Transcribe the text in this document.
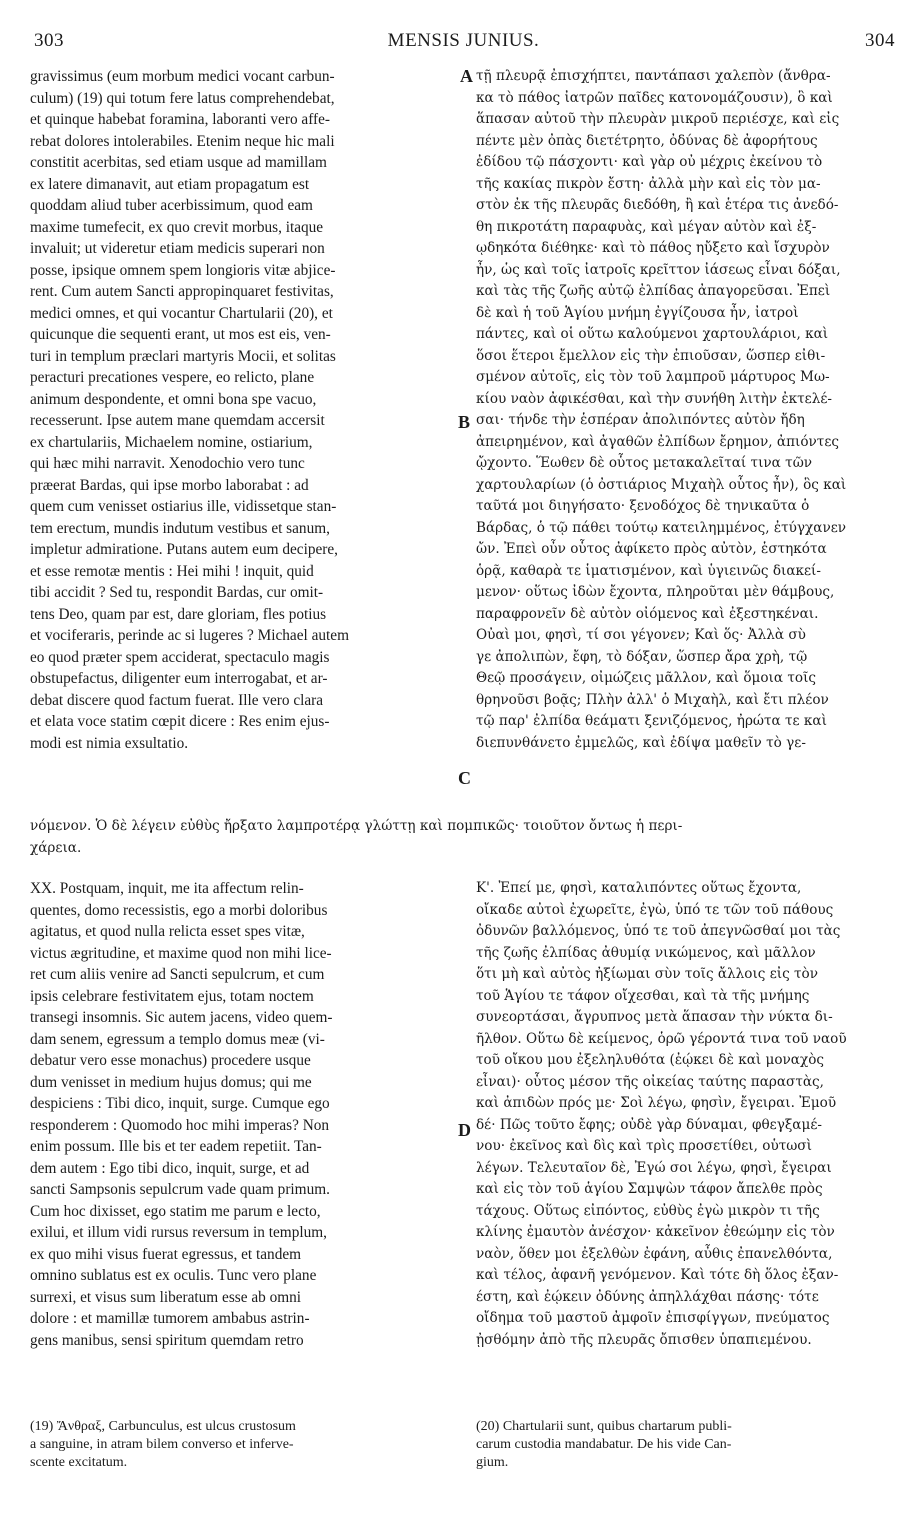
303	MENSIS JUNIUS.	304
gravissimus (eum morbum medici vocant carbun-
culum) (19) qui totum fere latus comprehendebat,
et quinque habebat foramina, laboranti vero affe-
rebat dolores intolerabiles. Etenim neque hic mali
constitit acerbitas, sed etiam usque ad mamillam
ex latere dimanavit, aut etiam propagatum est
quoddam aliud tuber acerbissimum, quod eam
maxime tumefecit, ex quo crevit morbus, itaque
invaluit; ut videretur etiam medicis superari non
posse, ipsique omnem spem longioris vitæ abjice-
rent. Cum autem Sancti appropinquaret festivitas,
medici omnes, et qui vocantur Chartularii (20), et
quicunque die sequenti erant, ut mos est eis, ven-
turi in templum præclari martyris Mocii, et solitas
peracturi precationes vespere, eo relicto, plane
animum despondente, et omni bona spe vacuo,
recesserunt. Ipse autem mane quemdam accersit
ex chartulariis, Michaelem nomine, ostiarium,
qui hæc mihi narravit. Xenodochio vero tunc
præerat Bardas, qui ipse morbo laborabat : ad
quem cum venisset ostiarius ille, vidissetque stan-
tem erectum, mundis indutum vestibus et sanum,
impletur admiratione. Putans autem eum decipere,
et esse remotæ mentis : Hei mihi ! inquit, quid
tibi accidit ? Sed tu, respondit Bardas, cur omit-
tens Deo, quam par est, dare gloriam, fles potius
et vociferaris, perinde ac si lugeres ? Michael autem
eo quod præter spem acciderat, spectaculo magis
obstupefactus, diligenter eum interrogabat, et ar-
debat discere quod factum fuerat. Ille vero clara
et elata voce statim cœpit dicere : Res enim ejus-
modi est nimia exsultatio.
τῇ πλευρᾷ ἐπισχήπτει, παντάπασι χαλεπὸν (ἄνθρα-
κα τὸ πάθος ἰατρῶν παῖδες κατονομάζουσιν), ὃ καὶ
ἅπασαν αὐτοῦ τὴν πλευρὰν μικροῦ περιέσχε, καὶ εἰς
πέντε μὲν ὀπὰς διετέτρητο, ὀδύνας δὲ ἀφορήτους
ἐδίδου τῷ πάσχοντι· καὶ γὰρ οὐ μέχρις ἐκείνου τὸ
τῆς κακίας πικρὸν ἔστη· ἀλλὰ μὴν καὶ εἰς τὸν μα-
στὸν ἐκ τῆς πλευρᾶς διεδόθη, ἢ καὶ ἑτέρα τις ἀνεδό-
θη πικροτάτη παραφυὰς, καὶ μέγαν αὐτὸν καὶ ἐξ-
ῳδηκότα διέθηκε· καὶ τὸ πάθος ηὔξετο καὶ ἴσχυρὸν
ἦν, ὡς καὶ τοῖς ἰατροῖς κρεῖττον ἰάσεως εἶναι δόξαι,
καὶ τὰς τῆς ζωῆς αὐτῷ ἐλπίδας ἀπαγορεῦσαι. Ἐπεὶ
δὲ καὶ ἡ τοῦ Ἁγίου μνήμη ἐγγίζουσα ἦν, ἰατροὶ
πάντες, καὶ οἱ οὕτω καλούμενοι χαρτουλάριοι, καὶ
ὅσοι ἕτεροι ἔμελλον εἰς τὴν ἐπιοῦσαν, ὥσπερ εἰθι-
σμένον αὐτοῖς, εἰς τὸν τοῦ λαμπροῦ μάρτυρος Μω-
κίου ναὸν ἀφικέσθαι, καὶ τὴν συνήθη λιτὴν ἐκτελέ-
σαι· τήνδε τὴν ἑσπέραν ἀπολιπόντες αὐτὸν ἤδη
ἀπειρημένον, καὶ ἀγαθῶν ἐλπίδων ἔρημον, ἀπιόντες
ᾤχοντο. Ἕωθεν δὲ οὗτος μετακαλεῖταί τινα τῶν
χαρτουλαρίων (ὁ ὀστιάριος Μιχαὴλ οὗτος ἦν), ὃς καὶ
ταῦτά μοι διηγήσατο· ξενοδόχος δὲ τηνικαῦτα ὁ
Βάρδας, ὁ τῷ πάθει τούτῳ κατειλημμένος, ἐτύγχανεν
ὤν. Ἐπεὶ οὖν οὗτος ἀφίκετο πρὸς αὐτὸν, ἑστηκότα
ὁρᾷ, καθαρὰ τε ἱματισμένον, καὶ ὑγιεινῶς διακεί-
μενον· οὕτως ἰδὼν ἔχοντα, πληροῦται μὲν θάμβους,
παραφρονεῖν δὲ αὐτὸν οἰόμενος καὶ ἐξεστηκέναι.
Οὐαὶ μοι, φησὶ, τί σοι γέγονεν; Καὶ ὅς· Ἀλλὰ σὺ
γε ἀπολιπὼν, ἔφη, τὸ δόξαν, ὥσπερ ἄρα χρὴ, τῷ
Θεῷ προσάγειν, οἰμώζεις μᾶλλον, καὶ ὅμοια τοῖς
θρηνοῦσι βοᾷς; Πλὴν ἀλλ' ὁ Μιχαὴλ, καὶ ἔτι πλέον
τῷ παρ' ἐλπίδα θεάματι ξενιζόμενος, ἠρώτα τε καὶ
διεπυνθάνετο ἐμμελῶς, καὶ ἐδίψα μαθεῖν τὸ γε-
A
B
C
D
νόμενον. Ὁ δὲ λέγειν εὐθὺς ἤρξατο λαμπροτέρᾳ γλώττῃ καὶ πομπικῶς· τοιοῦτον ὄντως ἡ περι-
χάρεια.
XX. Postquam, inquit, me ita affectum relin-
quentes, domo recessistis, ego a morbi doloribus
agitatus, et quod nulla relicta esset spes vitæ,
victus ægritudine, et maxime quod non mihi lice-
ret cum aliis venire ad Sancti sepulcrum, et cum
ipsis celebrare festivitatem ejus, totam noctem
transegi insomnis. Sic autem jacens, video quem-
dam senem, egressum a templo domus meæ (vi-
debatur vero esse monachus) procedere usque
dum venisset in medium hujus domus; qui me
despiciens : Tibi dico, inquit, surge. Cumque ego
responderem : Quomodo hoc mihi imperas? Non
enim possum. Ille bis et ter eadem repetiit. Tan-
dem autem : Ego tibi dico, inquit, surge, et ad
sancti Sampsonis sepulcrum vade quam primum.
Cum hoc dixisset, ego statim me parum e lecto,
exilui, et illum vidi rursus reversum in templum,
ex quo mihi visus fuerat egressus, et tandem
omnino sublatus est ex oculis. Tunc vero plane
surrexi, et visus sum liberatum esse ab omni
dolore : et mamillæ tumorem ambabus astrin-
gens manibus, sensi spiritum quemdam retro
Κ'. Ἐπεί με, φησὶ, καταλιπόντες οὕτως ἔχοντα,
οἴκαδε αὐτοὶ ἐχωρεῖτε, ἐγὼ, ὑπό τε τῶν τοῦ πάθους
ὀδυνῶν βαλλόμενος, ὑπό τε τοῦ ἀπεγνῶσθαί μοι τὰς
τῆς ζωῆς ἐλπίδας ἀθυμίᾳ νικώμενος, καὶ μᾶλλον
ὅτι μὴ καὶ αὐτὸς ἠξίωμαι σὺν τοῖς ἄλλοις εἰς τὸν
τοῦ Ἁγίου τε τάφον οἴχεσθαι, καὶ τὰ τῆς μνήμης
συνεορτάσαι, ἄγρυπνος μετὰ ἅπασαν τὴν νύκτα δι-
ῆλθον. Οὕτω δὲ κείμενος, ὁρῶ γέροντά τινα τοῦ ναοῦ
τοῦ οἴκου μου ἐξεληλυθότα (ἐῴκει δὲ καὶ μοναχὸς
εἶναι)· οὗτος μέσον τῆς οἰκείας ταύτης παραστὰς,
καὶ ἀπιδὼν πρός με· Σοὶ λέγω, φησὶν, ἔγειραι. Ἐμοῦ
δέ· Πῶς τοῦτο ἔφης; οὐδὲ γὰρ δύναμαι, φθεγξαμέ-
νου· ἐκεῖνος καὶ δὶς καὶ τρὶς προσετίθει, οὑτωσὶ
λέγων. Τελευταῖον δὲ, Ἐγώ σοι λέγω, φησὶ, ἔγειραι
καὶ εἰς τὸν τοῦ ἁγίου Σαμψὼν τάφον ἄπελθε πρὸς
τάχους. Οὕτως εἰπόντος, εὐθὺς ἐγὼ μικρὸν τι τῆς
κλίνης ἐμαυτὸν ἀνέσχον· κἀκεῖνον ἐθεώμην εἰς τὸν
ναὸν, ὅθεν μοι ἐξελθὼν ἐφάνη, αὖθις ἐπανελθόντα,
καὶ τέλος, ἀφανῆ γενόμενον. Καὶ τότε δὴ ὅλος ἐξαν-
έστη, καὶ ἐῴκειν ὀδύνης ἀπηλλάχθαι πάσης· τότε
οἴδημα τοῦ μαστοῦ ἀμφοῖν ἐπισφίγγων, πνεύματος
ᾐσθόμην ἀπὸ τῆς πλευρᾶς ὄπισθεν ὑπαπιεμένου.
(19) Ἄνθραξ, Carbunculus, est ulcus crustosum
a sanguine, in atram bilem converso et inferve-
scente excitatum.
(20) Chartularii sunt, quibus chartarum publi-
carum custodia mandabatur. De his vide Can-
gium.
